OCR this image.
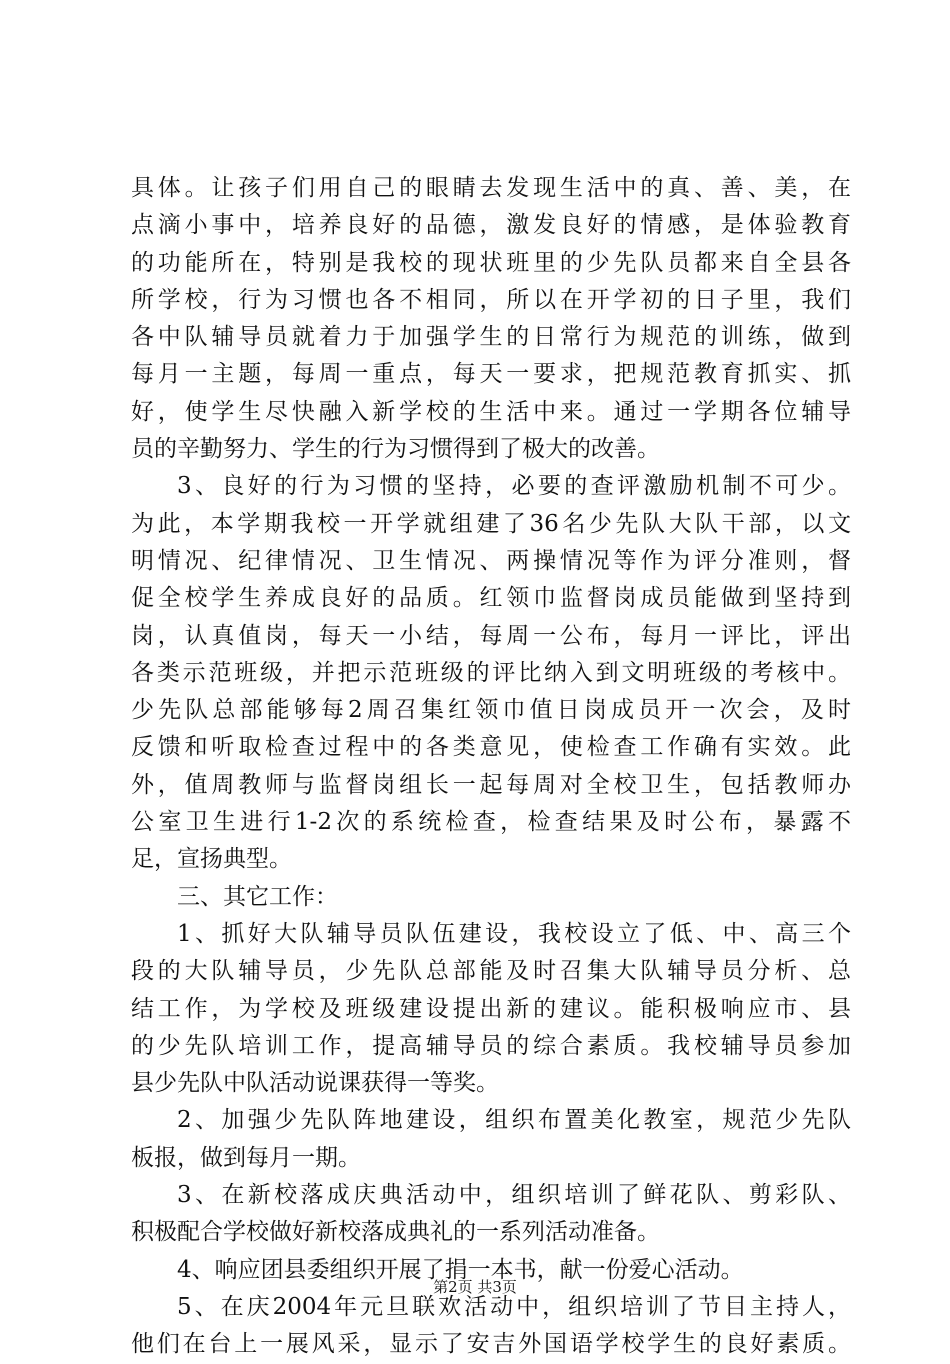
具体。让孩子们用自己的眼睛去发现生活中的真、善、美，在
点滴小事中，培养良好的品德，激发良好的情感，是体验教育
的功能所在，特别是我校的现状班里的少先队员都来自全县各
所学校，行为习惯也各不相同，所以在开学初的日子里，我们
各中队辅导员就着力于加强学生的日常行为规范的训练，做到
每月一主题，每周一重点，每天一要求，把规范教育抓实、抓
好，使学生尽快融入新学校的生活中来。通过一学期各位辅导
员的辛勤努力、学生的行为习惯得到了极大的改善。
3、良好的行为习惯的坚持，必要的查评激励机制不可少。
为此，本学期我校一开学就组建了36名少先队大队干部，以文
明情况、纪律情况、卫生情况、两操情况等作为评分准则，督
促全校学生养成良好的品质。红领巾监督岗成员能做到坚持到
岗，认真值岗，每天一小结，每周一公布，每月一评比，评出
各类示范班级，并把示范班级的评比纳入到文明班级的考核中。
少先队总部能够每2周召集红领巾值日岗成员开一次会，及时
反馈和听取检查过程中的各类意见，使检查工作确有实效。此
外，值周教师与监督岗组长一起每周对全校卫生，包括教师办
公室卫生进行1-2次的系统检查，检查结果及时公布，暴露不
足，宣扬典型。
三、其它工作：
1、抓好大队辅导员队伍建设，我校设立了低、中、高三个
段的大队辅导员，少先队总部能及时召集大队辅导员分析、总
结工作，为学校及班级建设提出新的建议。能积极响应市、县
的少先队培训工作，提高辅导员的综合素质。我校辅导员参加
县少先队中队活动说课获得一等奖。
2、加强少先队阵地建设，组织布置美化教室，规范少先队
板报，做到每月一期。
3、在新校落成庆典活动中，组织培训了鲜花队、剪彩队、
积极配合学校做好新校落成典礼的一系列活动准备。
4、响应团县委组织开展了捐一本书，献一份爱心活动。
5、在庆2004年元旦联欢活动中，组织培训了节目主持人，
他们在台上一展风采，显示了安吉外国语学校学生的良好素质。
第2页 共3页
